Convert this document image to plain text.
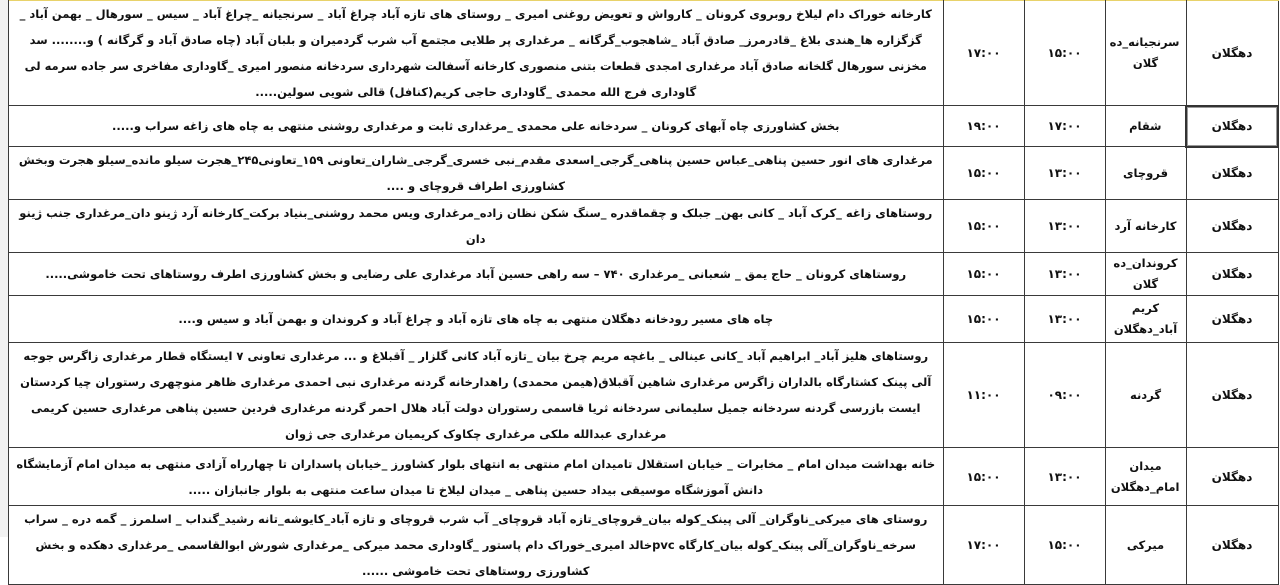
دهگلان	سرنجیانه_ده گلان	۱۵:۰۰	۱۷:۰۰	کارخانه خوراک دام لیلاخ روبروی کرونان _ کارواش و تعویض روغنی امیری _ روستای های تازه آباد چراغ آباد _ سرنجیانه _چراغ آباد _ سیس _ سورهال _ بهمن آباد _ گزگزاره ها_هندی بلاغ _قادرمرز_ صادق آباد _شاهجوب_گرگانه _ مرغداری پر طلایی مجتمع آب شرب گردمیران و بلبان آباد (چاه صادق آباد و گرگانه ) و........ سد مخزنی سورهال گلخانه صادق آباد مرغداری امجدی قطعات بتنی منصوری کارخانه آسفالت شهرداری سردخانه منصور امیری _گاوداری مفاخری سر جاده سرمه لی گاوداری فرج الله محمدی _گاوداری حاجی کریم(کنافل) قالی شویی سولین.....
دهگلان	شقام	۱۷:۰۰	۱۹:۰۰	بخش کشاورزی چاه آبهای کرونان _ سردخانه علی محمدی _مرغداری ثابت و مرغداری روشنی منتهی به چاه های زاغه سراب و.....
دهگلان	قروچای	۱۳:۰۰	۱۵:۰۰	مرغداری های انور حسین پناهی_عباس حسین پناهی_گرجی_اسعدی مقدم_نبی خسری_گرجی_شاران_تعاونی ۱۵۹_تعاونی۲۴۵_هجرت سیلو مانده_سیلو هجرت وبخش کشاورزی اطراف قروچای و ....
دهگلان	کارخانه آرد	۱۳:۰۰	۱۵:۰۰	روستاهای زاغه _کرک آباد _ کانی بهن_ جبلک و چقماقدره _سنگ شکن نظان زاده_مرغداری ویس محمد روشنی_بنیاد برکت_کارخانه آرد ژینو دان_مرغداری جنب ژینو دان
دهگلان	کروندان_ده گلان	۱۳:۰۰	۱۵:۰۰	روستاهای کرونان _ حاج یمق _ شعبانی _مرغداری ۷۴۰ – سه راهی حسین آباد مرغداری علی رضایی و بخش کشاورزی اطرف روستاهای تحت خاموشی.....
دهگلان	کریم آباد_دهگلان	۱۳:۰۰	۱۵:۰۰	چاه های مسیر رودخانه دهگلان منتهی به چاه های تازه آباد و چراغ آباد و کروندان و بهمن آباد و سیس و....
دهگلان	گردنه	۰۹:۰۰	۱۱:۰۰	روستاهای هلیز آباد_ ابراهیم آباد _کانی عینالی _ باغچه مریم چرخ بیان _تازه آباد کانی گلزار _ آقبلاغ و ... مرغداری تعاونی ۷ ایستگاه قطار مرغداری زاگرس جوجه آلی پینک کشتارگاه بالداران زاگرس مرغداری شاهین آقبلاق(هیمن محمدی) راهدارخانه گردنه مرغداری نبی احمدی مرغداری ظاهر منوچهری رستوران چیا کردستان ایست بازرسی گردنه سردخانه جمیل سلیمانی سردخانه ثریا قاسمی رستوران دولت آباد هلال احمر گردنه مرغداری فردین حسین پناهی مرغداری حسین کریمی مرغداری عبدالله ملکی مرغداری چکاوک کریمیان مرغداری جی ژوان
دهگلان	میدان امام_دهگلان	۱۳:۰۰	۱۵:۰۰	خانه بهداشت میدان امام _ مخابرات _ خیابان استقلال تامیدان امام منتهی به انتهای بلوار کشاورز _خیابان پاسداران تا چهارراه آزادی منتهی به میدان امام آزمایشگاه دانش آموزشگاه موسیقی بیداد حسین پناهی _ میدان لیلاخ تا میدان ساعت منتهی به بلوار جانبازان .....
دهگلان	میرکی	۱۵:۰۰	۱۷:۰۰	روستای های میرکی_ناوگران_ آلی پینک_کوله بیان_قروچای_تازه آباد قروچای_ آب شرب قروچای و تازه آباد_کایوشه_تانه رشید_گنداب _ اسلمرز _ گمه دره _ سراب سرخه_ناوگران_آلی پینک_کوله بیان_کارگاه pvcخالد امیری_خوراک دام پاستور _گاوداری محمد میرکی _مرغداری شورش ابوالقاسمی _مرغداری دهکده و بخش کشاورزی روستاهای تحت خاموشی ......
